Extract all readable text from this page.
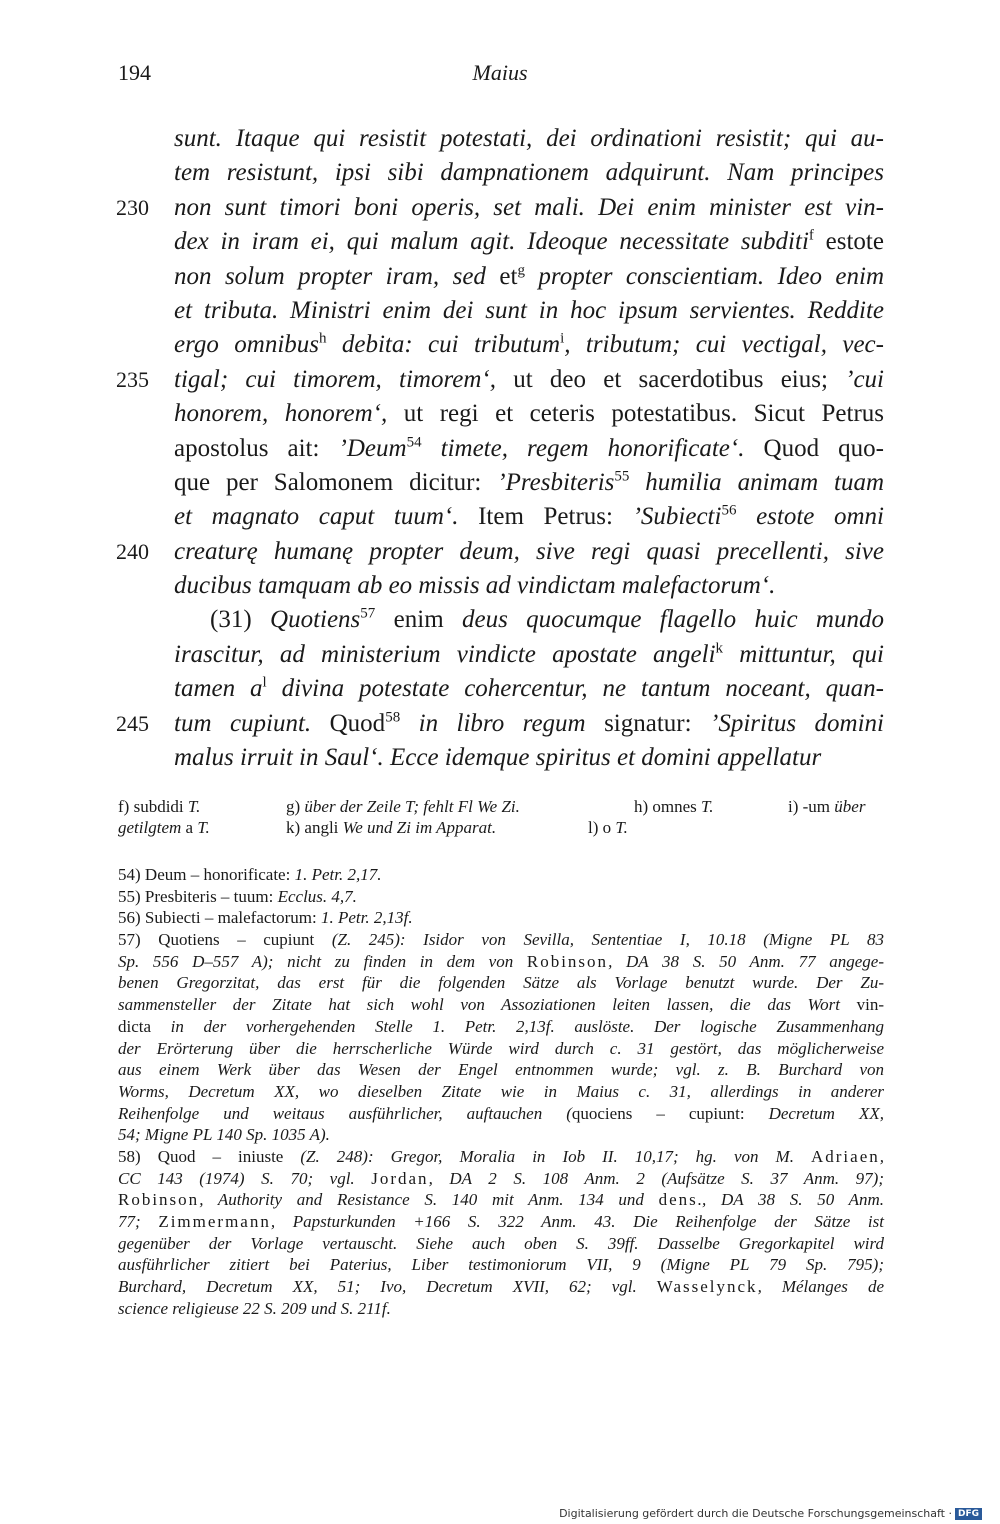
194	Maius
sunt. Itaque qui resistit potestati, dei ordinationi resistit; qui au-
tem resistunt, ipsi sibi dampnationem adquirunt. Nam principes
230 non sunt timori boni operis, set mali. Dei enim minister est vin-
dex in iram ei, qui malum agit. Ideoque necessitate subditi$^f$ estote
non solum propter iram, sed $et^g$ propter conscientiam. Ideo enim
et tributa. Ministri enim dei sunt in hoc ipsum servientes. Reddite
ergo omnibus$^h$ debita: cui tributum$^i$, tributum; cui vectigal, vec-
235 tigal; cui timorem, timorem‘, ut deo et sacerdotibus eius; ’cui
honorem, honorem‘, ut regi et ceteris potestatibus. Sicut Petrus
apostolus ait: ’Deum$^{54}$ timete, regem honorificate‘. Quod quo-
que per Salomonem dicitur: ’Presbiteris$^{55}$ humilia animam tuam
et magnato caput tuum‘. Item Petrus: ’Subiecti$^{56}$ estote omni
240 creaturę humanę propter deum, sive regi quasi precellenti, sive
ducibus tamquam ab eo missis ad vindictam malefactorum‘.
(31) Quotiens$^{57}$ enim deus quocumque flagello huic mundo
irascitur, ad ministerium vindicte apostate angeli$^k$ mittuntur, qui
tamen $a^l$ divina potestate cohercentur, ne tantum noceant, quan-
245 tum cupiunt. Quod$^{58}$ in libro regum signatur: ’Spiritus domini
malus irruit in Saul‘. Ecce idemque spiritus et domini appellatur
f) subdidi T.	g) über der Zeile T; fehlt Fl We Zi.	h) omnes T.	i) -um über
getilgtem a T.	k) angli We und Zi im Apparat.	l) o T.
54) Deum – honorificate: 1. Petr. 2,17.
55) Presbiteris – tuum: Ecclus. 4,7.
56) Subiecti – malefactorum: 1. Petr. 2,13f.
57) Quotiens – cupiunt (Z. 245): Isidor von Sevilla, Sententiae I, 10.18 (Migne PL 83
Sp. 556 D–557 A); nicht zu finden in dem von Robinson, DA 38 S. 50 Anm. 77 angege-
benen Gregorzitat, das erst für die folgenden Sätze als Vorlage benutzt wurde. Der Zu-
sammensteller der Zitate hat sich wohl von Assoziationen leiten lassen, die das Wort vin-
dicta in der vorhergehenden Stelle 1. Petr. 2,13f. auslöste. Der logische Zusammenhang
der Erörterung über die herrscherliche Würde wird durch c. 31 gestört, das möglicherweise
aus einem Werk über das Wesen der Engel entnommen wurde; vgl. z. B. Burchard von
Worms, Decretum XX, wo dieselben Zitate wie in Maius c. 31, allerdings in anderer
Reihenfolge und weitaus ausführlicher, auftauchen (quociens – cupiunt: Decretum XX,
54; Migne PL 140 Sp. 1035 A).
58) Quod – iniuste (Z. 248): Gregor, Moralia in Iob II. 10,17; hg. von M. Adriaen,
CC 143 (1974) S. 70; vgl. Jordan, DA 2 S. 108 Anm. 2 (Aufsätze S. 37 Anm. 97);
Robinson, Authority and Resistance S. 140 mit Anm. 134 und dens., DA 38 S. 50 Anm.
77; Zimmermann, Papsturkunden +166 S. 322 Anm. 43. Die Reihenfolge der Sätze ist
gegenüber der Vorlage vertauscht. Siehe auch oben S. 39ff. Dasselbe Gregorkapitel wird
ausführlicher zitiert bei Paterius, Liber testimoniorum VII, 9 (Migne PL 79 Sp. 795);
Burchard, Decretum XX, 51; Ivo, Decretum XVII, 62; vgl. Wasselynck, Mélanges de
science religieuse 22 S. 209 und S. 211f.
Digitalisierung gefördert durch die Deutsche Forschungsgemeinschaft · DFG
